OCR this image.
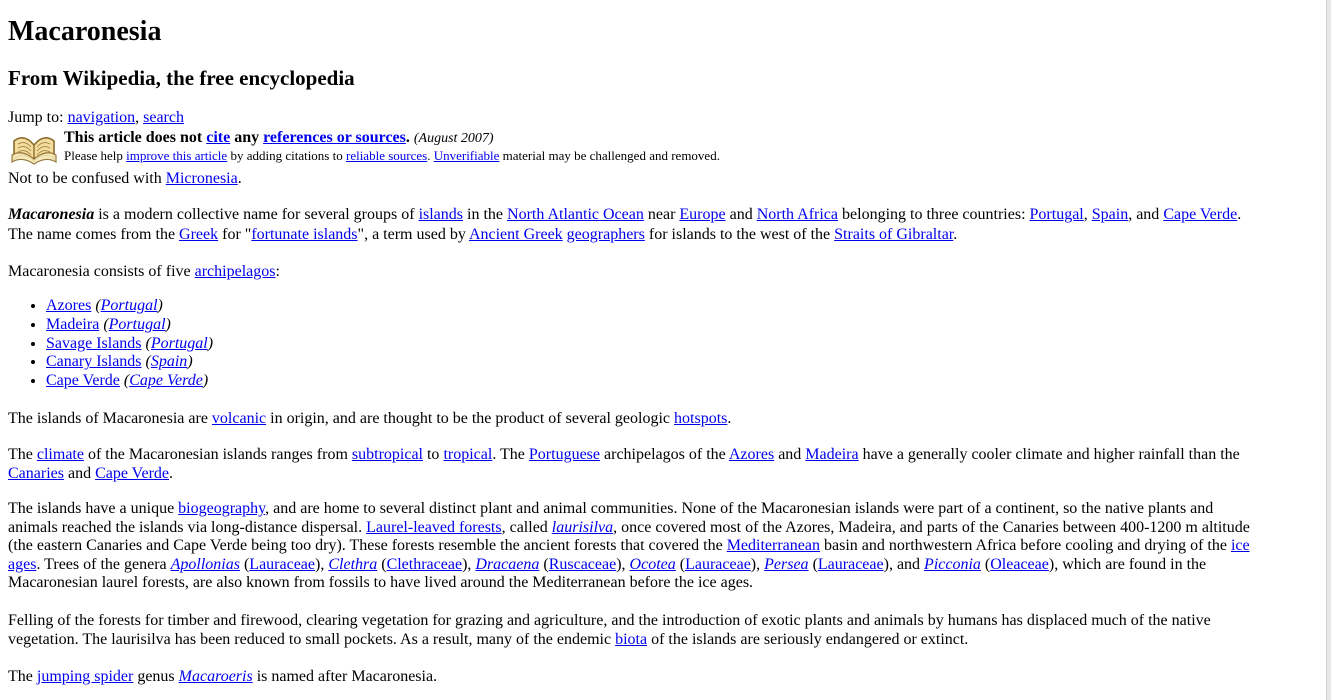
Macaronesia
From Wikipedia, the free encyclopedia
Jump to: navigation, search
This article does not cite any references or sources. (August 2007)
Please help improve this article by adding citations to reliable sources. Unverifiable material may be challenged and removed.
Not to be confused with Micronesia.
Macaronesia is a modern collective name for several groups of islands in the North Atlantic Ocean near Europe and North Africa belonging to three countries: Portugal, Spain, and Cape Verde.
The name comes from the Greek for "fortunate islands", a term used by Ancient Greek geographers for islands to the west of the Straits of Gibraltar.
Macaronesia consists of five archipelagos:
• Azores (Portugal)
• Madeira (Portugal)
• Savage Islands (Portugal)
• Canary Islands (Spain)
• Cape Verde (Cape Verde)
The islands of Macaronesia are volcanic in origin, and are thought to be the product of several geologic hotspots.
The climate of the Macaronesian islands ranges from subtropical to tropical. The Portuguese archipelagos of the Azores and Madeira have a generally cooler climate and higher rainfall than the
Canaries and Cape Verde.
The islands have a unique biogeography, and are home to several distinct plant and animal communities. None of the Macaronesian islands were part of a continent, so the native plants and
animals reached the islands via long-distance dispersal. Laurel-leaved forests, called laurisilva, once covered most of the Azores, Madeira, and parts of the Canaries between 400-1200 m altitude
(the eastern Canaries and Cape Verde being too dry). These forests resemble the ancient forests that covered the Mediterranean basin and northwestern Africa before cooling and drying of the ice
ages. Trees of the genera Apollonias (Lauraceae), Clethra (Clethraceae), Dracaena (Ruscaceae), Ocotea (Lauraceae), Persea (Lauraceae), and Picconia (Oleaceae), which are found in the
Macaronesian laurel forests, are also known from fossils to have lived around the Mediterranean before the ice ages.
Felling of the forests for timber and firewood, clearing vegetation for grazing and agriculture, and the introduction of exotic plants and animals by humans has displaced much of the native
vegetation. The laurisilva has been reduced to small pockets. As a result, many of the endemic biota of the islands are seriously endangered or extinct.
The jumping spider genus Macaroeris is named after Macaronesia.
